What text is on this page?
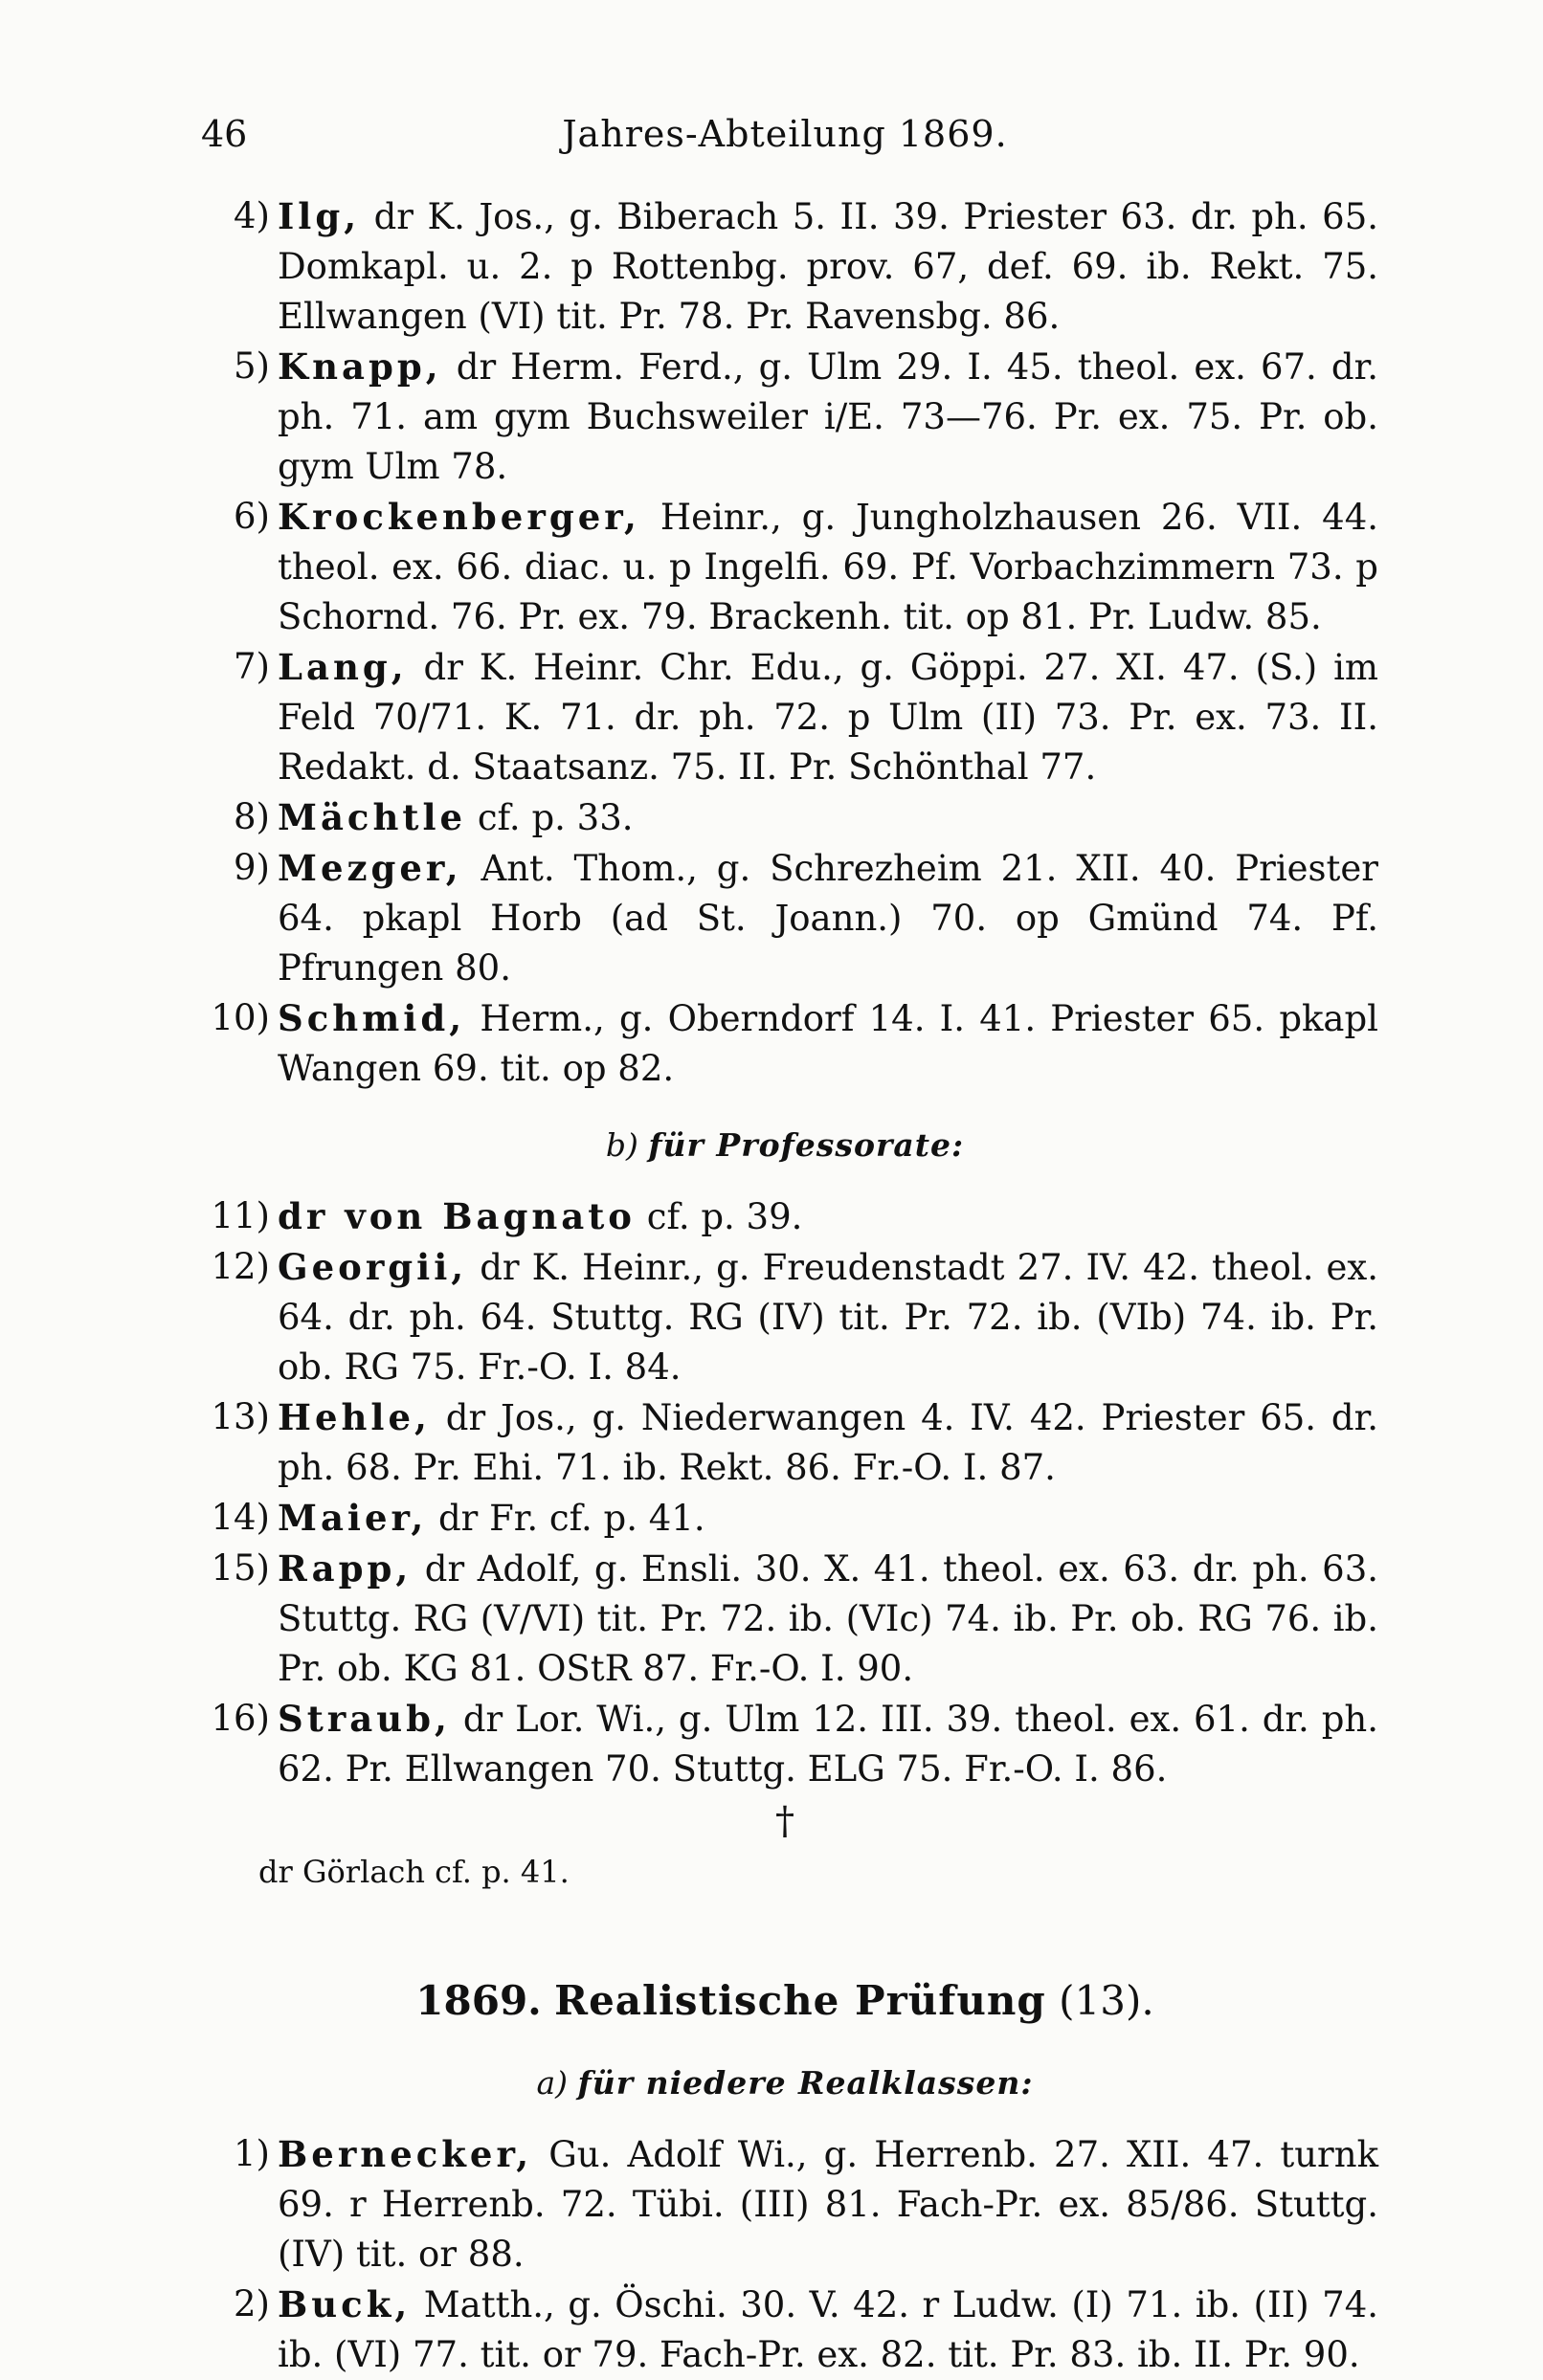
46	Jahres-Abteilung 1869.

4) Ilg, dr K. Jos., g. Biberach 5. II. 39. Priester 63. dr. ph. 65. Domkapl. u. 2. p Rottenbg. prov. 67, def. 69. ib. Rekt. 75. Ellwangen (VI) tit. Pr. 78. Pr. Ravensbg. 86.

5) Knapp, dr Herm. Ferd., g. Ulm 29. I. 45. theol. ex. 67. dr. ph. 71. am gym Buchsweiler i/E. 73—76. Pr. ex. 75. Pr. ob. gym Ulm 78.

6) Krockenberger, Heinr., g. Jungholzhausen 26. VII. 44. theol. ex. 66. diac. u. p Ingelfi. 69. Pf. Vorbachzimmern 73. p Schornd. 76. Pr. ex. 79. Brackenh. tit. op 81. Pr. Ludw. 85.

7) Lang, dr K. Heinr. Chr. Edu., g. Göppi. 27. XI. 47. (S.) im Feld 70/71. K. 71. dr. ph. 72. p Ulm (II) 73. Pr. ex. 73. II. Redakt. d. Staatsanz. 75. II. Pr. Schönthal 77.

8) Mächtle cf. p. 33.

9) Mezger, Ant. Thom., g. Schrezheim 21. XII. 40. Priester 64. pkapl Horb (ad St. Joann.) 70. op Gmünd 74. Pf. Pfrungen 80.

10) Schmid, Herm., g. Oberndorf 14. I. 41. Priester 65. pkapl Wangen 69. tit. op 82.

b) für Professorate:

11) dr von Bagnato cf. p. 39.

12) Georgii, dr K. Heinr., g. Freudenstadt 27. IV. 42. theol. ex. 64. dr. ph. 64. Stuttg. RG (IV) tit. Pr. 72. ib. (VIb) 74. ib. Pr. ob. RG 75. Fr.-O. I. 84.

13) Hehle, dr Jos., g. Niederwangen 4. IV. 42. Priester 65. dr. ph. 68. Pr. Ehi. 71. ib. Rekt. 86. Fr.-O. I. 87.

14) Maier, dr Fr. cf. p. 41.

15) Rapp, dr Adolf, g. Ensli. 30. X. 41. theol. ex. 63. dr. ph. 63. Stuttg. RG (V/VI) tit. Pr. 72. ib. (VIc) 74. ib. Pr. ob. RG 76. ib. Pr. ob. KG 81. OStR 87. Fr.-O. I. 90.

16) Straub, dr Lor. Wi., g. Ulm 12. III. 39. theol. ex. 61. dr. ph. 62. Pr. Ellwangen 70. Stuttg. ELG 75. Fr.-O. I. 86.

†
dr Görlach cf. p. 41.
1869. Realistische Prüfung (13).
a) für niedere Realklassen:

1) Bernecker, Gu. Adolf Wi., g. Herrenb. 27. XII. 47. turnk 69. r Herrenb. 72. Tübi. (III) 81. Fach-Pr. ex. 85/86. Stuttg. (IV) tit. or 88.

2) Buck, Matth., g. Öschi. 30. V. 42. r Ludw. (I) 71. ib. (II) 74. ib. (VI) 77. tit. or 79. Fach-Pr. ex. 82. tit. Pr. 83. ib. II. Pr. 90.
